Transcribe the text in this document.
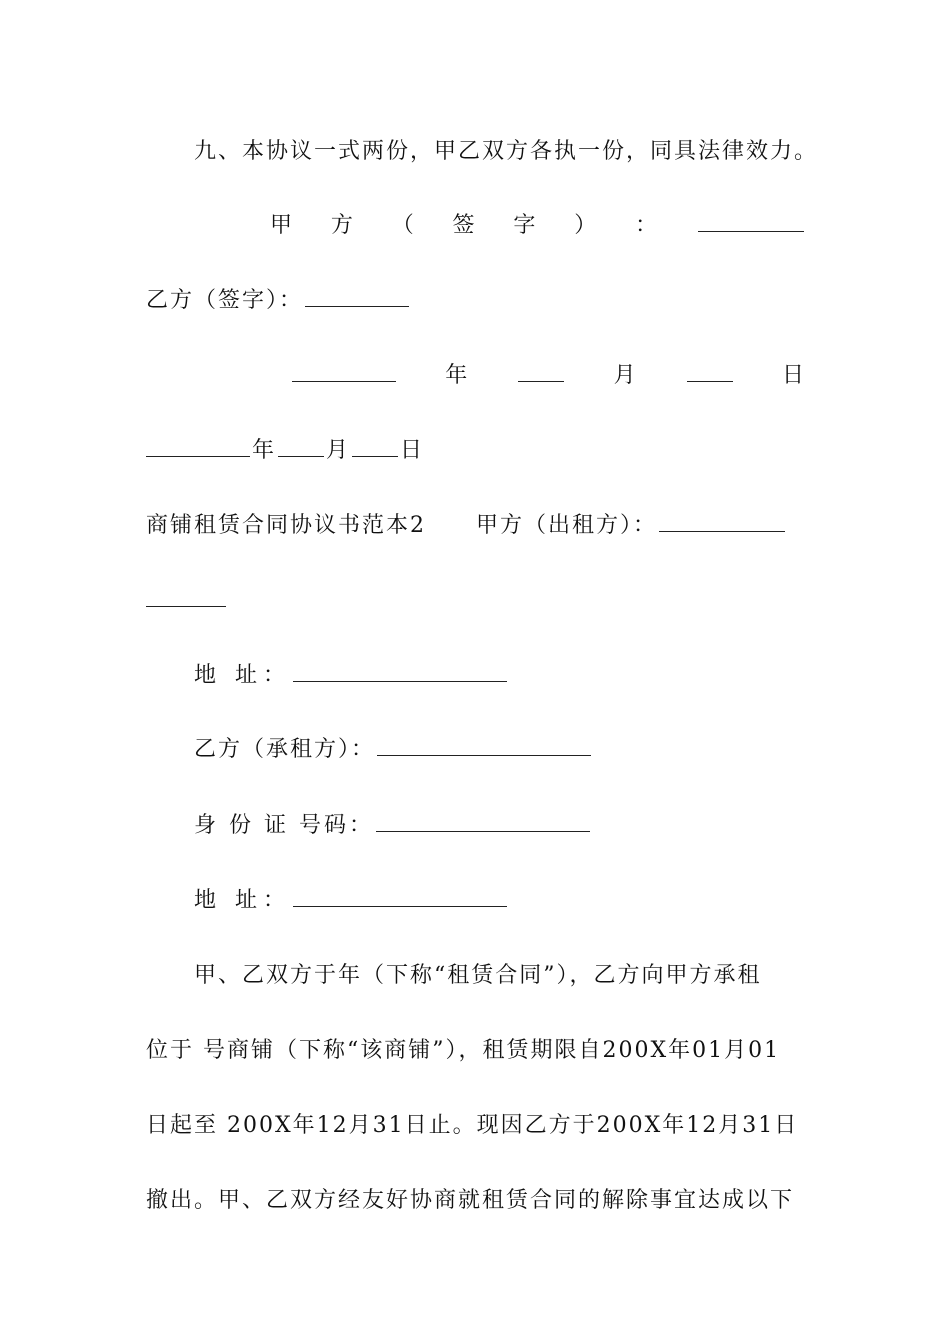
九、本协议一式两份，甲乙双方各执一份，同具法律效力。
甲 方 （ 签 字 ） ：
乙方（签字）：
年	月	日
年 月 日
商铺租赁合同协议书范本2 甲方（出租方）：
地 址：
乙方（承租方）：
身 份 证 号码：
地 址：
甲、乙双方于年（下称“租赁合同”），乙方向甲方承租
位于 号商铺（下称“该商铺”），租赁期限自200X年01月01
日起至 200X年12月31日止。现因乙方于200X年12月31日
撤出。甲、乙双方经友好协商就租赁合同的解除事宜达成以下
